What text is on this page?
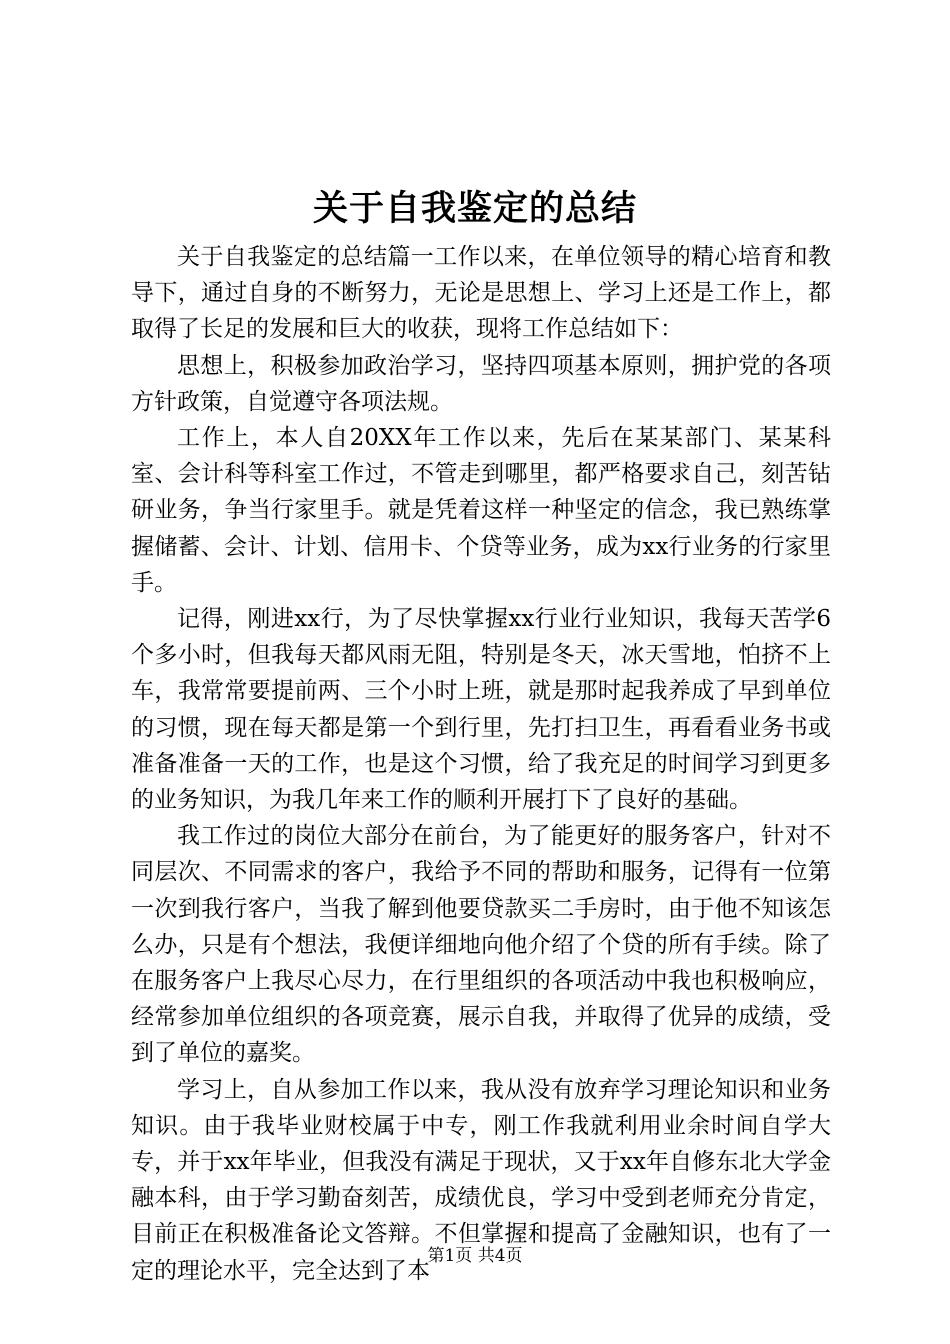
关于自我鉴定的总结

关于自我鉴定的总结篇一工作以来，在单位领导的精心培育和教导下，通过自身的不断努力，无论是思想上、学习上还是工作上，都取得了长足的发展和巨大的收获，现将工作总结如下：

思想上，积极参加政治学习，坚持四项基本原则，拥护党的各项方针政策，自觉遵守各项法规。

工作上，本人自20XX年工作以来，先后在某某部门、某某科室、会计科等科室工作过，不管走到哪里，都严格要求自己，刻苦钻研业务，争当行家里手。就是凭着这样一种坚定的信念，我已熟练掌握储蓄、会计、计划、信用卡、个贷等业务，成为xx行业务的行家里手。

记得，刚进xx行，为了尽快掌握xx行业行业知识，我每天苦学6个多小时，但我每天都风雨无阻，特别是冬天，冰天雪地，怕挤不上车，我常常要提前两、三个小时上班，就是那时起我养成了早到单位的习惯，现在每天都是第一个到行里，先打扫卫生，再看看业务书或准备准备一天的工作，也是这个习惯，给了我充足的时间学习到更多的业务知识，为我几年来工作的顺利开展打下了良好的基础。

我工作过的岗位大部分在前台，为了能更好的服务客户，针对不同层次、不同需求的客户，我给予不同的帮助和服务，记得有一位第一次到我行客户，当我了解到他要贷款买二手房时，由于他不知该怎么办，只是有个想法，我便详细地向他介绍了个贷的所有手续。除了在服务客户上我尽心尽力，在行里组织的各项活动中我也积极响应，经常参加单位组织的各项竞赛，展示自我，并取得了优异的成绩，受到了单位的嘉奖。

学习上，自从参加工作以来，我从没有放弃学习理论知识和业务知识。由于我毕业财校属于中专，刚工作我就利用业余时间自学大专，并于xx年毕业，但我没有满足于现状，又于xx年自修东北大学金融本科，由于学习勤奋刻苦，成绩优良，学习中受到老师充分肯定，目前正在积极准备论文答辩。不但掌握和提高了金融知识，也有了一定的理论水平，完全达到了本

第1页 共4页
